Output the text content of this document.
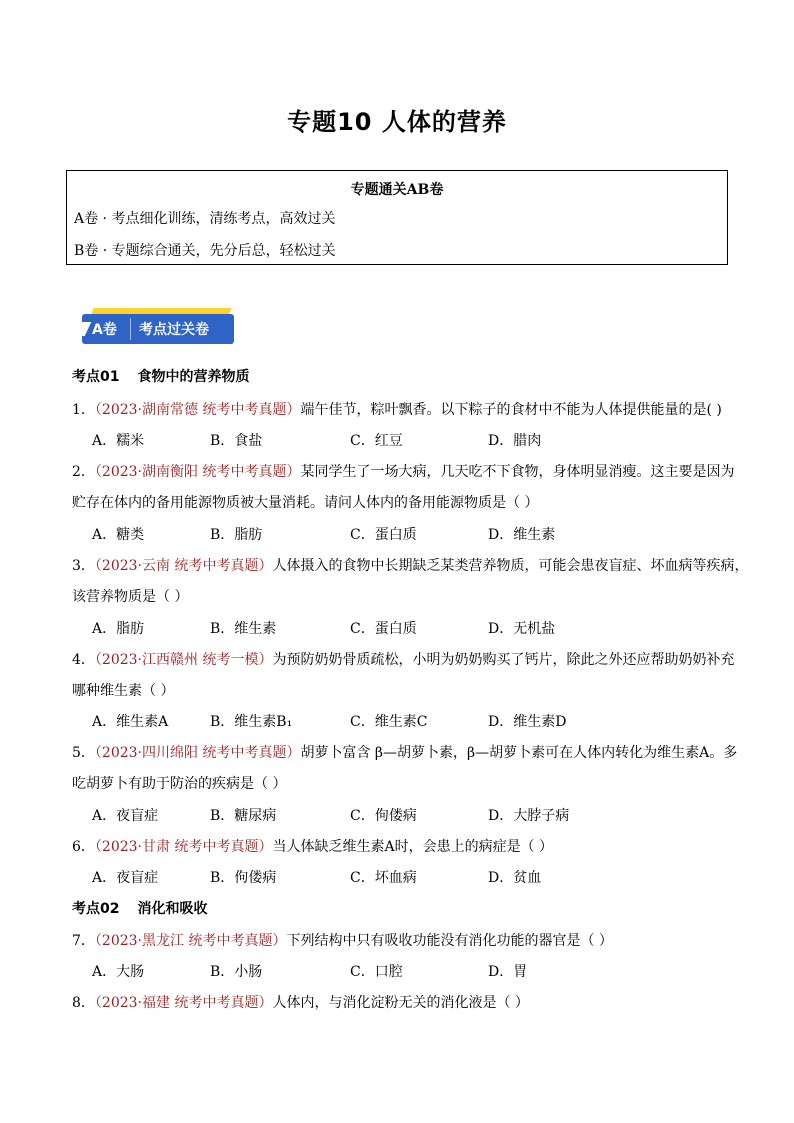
专题10 人体的营养
专题通关AB卷
A卷 · 考点细化训练，清练考点，高效过关
B卷 · 专题综合通关，先分后总，轻松过关
A卷 考点过关卷
考点01 食物中的营养物质
1．（2023·湖南常德 统考中考真题）端午佳节，粽叶飘香。以下粽子的食材中不能为人体提供能量的是( )
A．糯米	B．食盐	C．红豆	D．腊肉
2．（2023·湖南衡阳 统考中考真题）某同学生了一场大病，几天吃不下食物，身体明显消瘦。这主要是因为
贮存在体内的备用能源物质被大量消耗。请问人体内的备用能源物质是（ ）
A．糖类	B．脂肪	C．蛋白质	D．维生素
3．（2023·云南 统考中考真题）人体摄入的食物中长期缺乏某类营养物质，可能会患夜盲症、坏血病等疾病，
该营养物质是（ ）
A．脂肪	B．维生素	C．蛋白质	D．无机盐
4．（2023·江西赣州 统考一模）为预防奶奶骨质疏松，小明为奶奶购买了钙片，除此之外还应帮助奶奶补充
哪种维生素（ ）
A．维生素A	B．维生素B₁	C．维生素C	D．维生素D
5．（2023·四川绵阳 统考中考真题）胡萝卜富含 β—胡萝卜素，β—胡萝卜素可在人体内转化为维生素A。多
吃胡萝卜有助于防治的疾病是（ ）
A．夜盲症	B．糖尿病	C．佝偻病	D．大脖子病
6．（2023·甘肃 统考中考真题）当人体缺乏维生素A时，会患上的病症是（ ）
A．夜盲症	B．佝偻病	C．坏血病	D．贫血
考点02 消化和吸收
7．（2023·黑龙江 统考中考真题）下列结构中只有吸收功能没有消化功能的器官是（ ）
A．大肠	B．小肠	C．口腔	D．胃
8．（2023·福建 统考中考真题）人体内，与消化淀粉无关的消化液是（ ）
